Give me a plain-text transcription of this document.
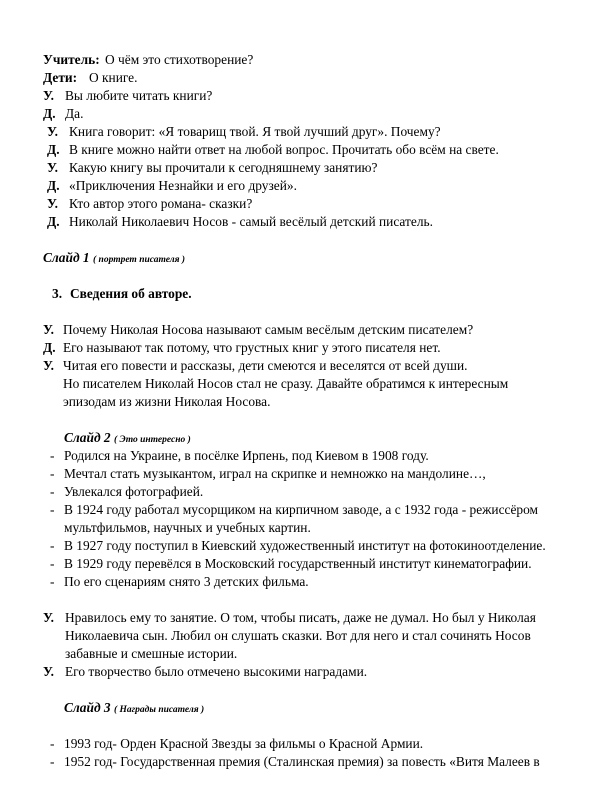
Учитель: О чём это стихотворение?
Дети: О книге.
У. Вы любите читать книги?
Д. Да.
У. Книга говорит: «Я товарищ твой. Я твой лучший друг». Почему?
Д. В книге можно найти ответ на любой вопрос. Прочитать обо всём на свете.
У. Какую книгу вы прочитали к сегодняшнему занятию?
Д. «Приключения Незнайки и его друзей».
У. Кто автор этого романа- сказки?
Д. Николай Николаевич Носов - самый весёлый детский писатель.
Слайд 1 ( портрет писателя )
3. Сведения об авторе.
У. Почему Николая Носова называют самым весёлым детским писателем?
Д. Его называют так потому, что грустных книг у этого писателя нет.
У. Читая его повести и рассказы, дети смеются и веселятся от всей души.
Но писателем Николай Носов стал не сразу. Давайте обратимся к интересным
эпизодам из жизни Николая Носова.
Слайд 2 ( Это интересно )
- Родился на Украине, в посёлке Ирпень, под Киевом в 1908 году.
- Мечтал стать музыкантом, играл на скрипке и немножко на мандолине…,
- Увлекался фотографией.
- В 1924 году работал мусорщиком на кирпичном заводе, а с 1932 года - режиссёром
мультфильмов, научных и учебных картин.
- В 1927 году поступил в Киевский художественный институт на фотокиноотделение.
- В 1929 году перевёлся в Московский государственный институт кинематографии.
- По его сценариям снято 3 детских фильма.
У. Нравилось ему то занятие. О том, чтобы писать, даже не думал. Но был у Николая
Николаевича сын. Любил он слушать сказки. Вот для него и стал сочинять Носов
забавные и смешные истории.
У. Его творчество было отмечено высокими наградами.
Слайд 3 ( Награды писателя )
- 1993 год- Орден Красной Звезды за фильмы о Красной Армии.
- 1952 год- Государственная премия (Сталинская премия) за повесть «Витя Малеев в
